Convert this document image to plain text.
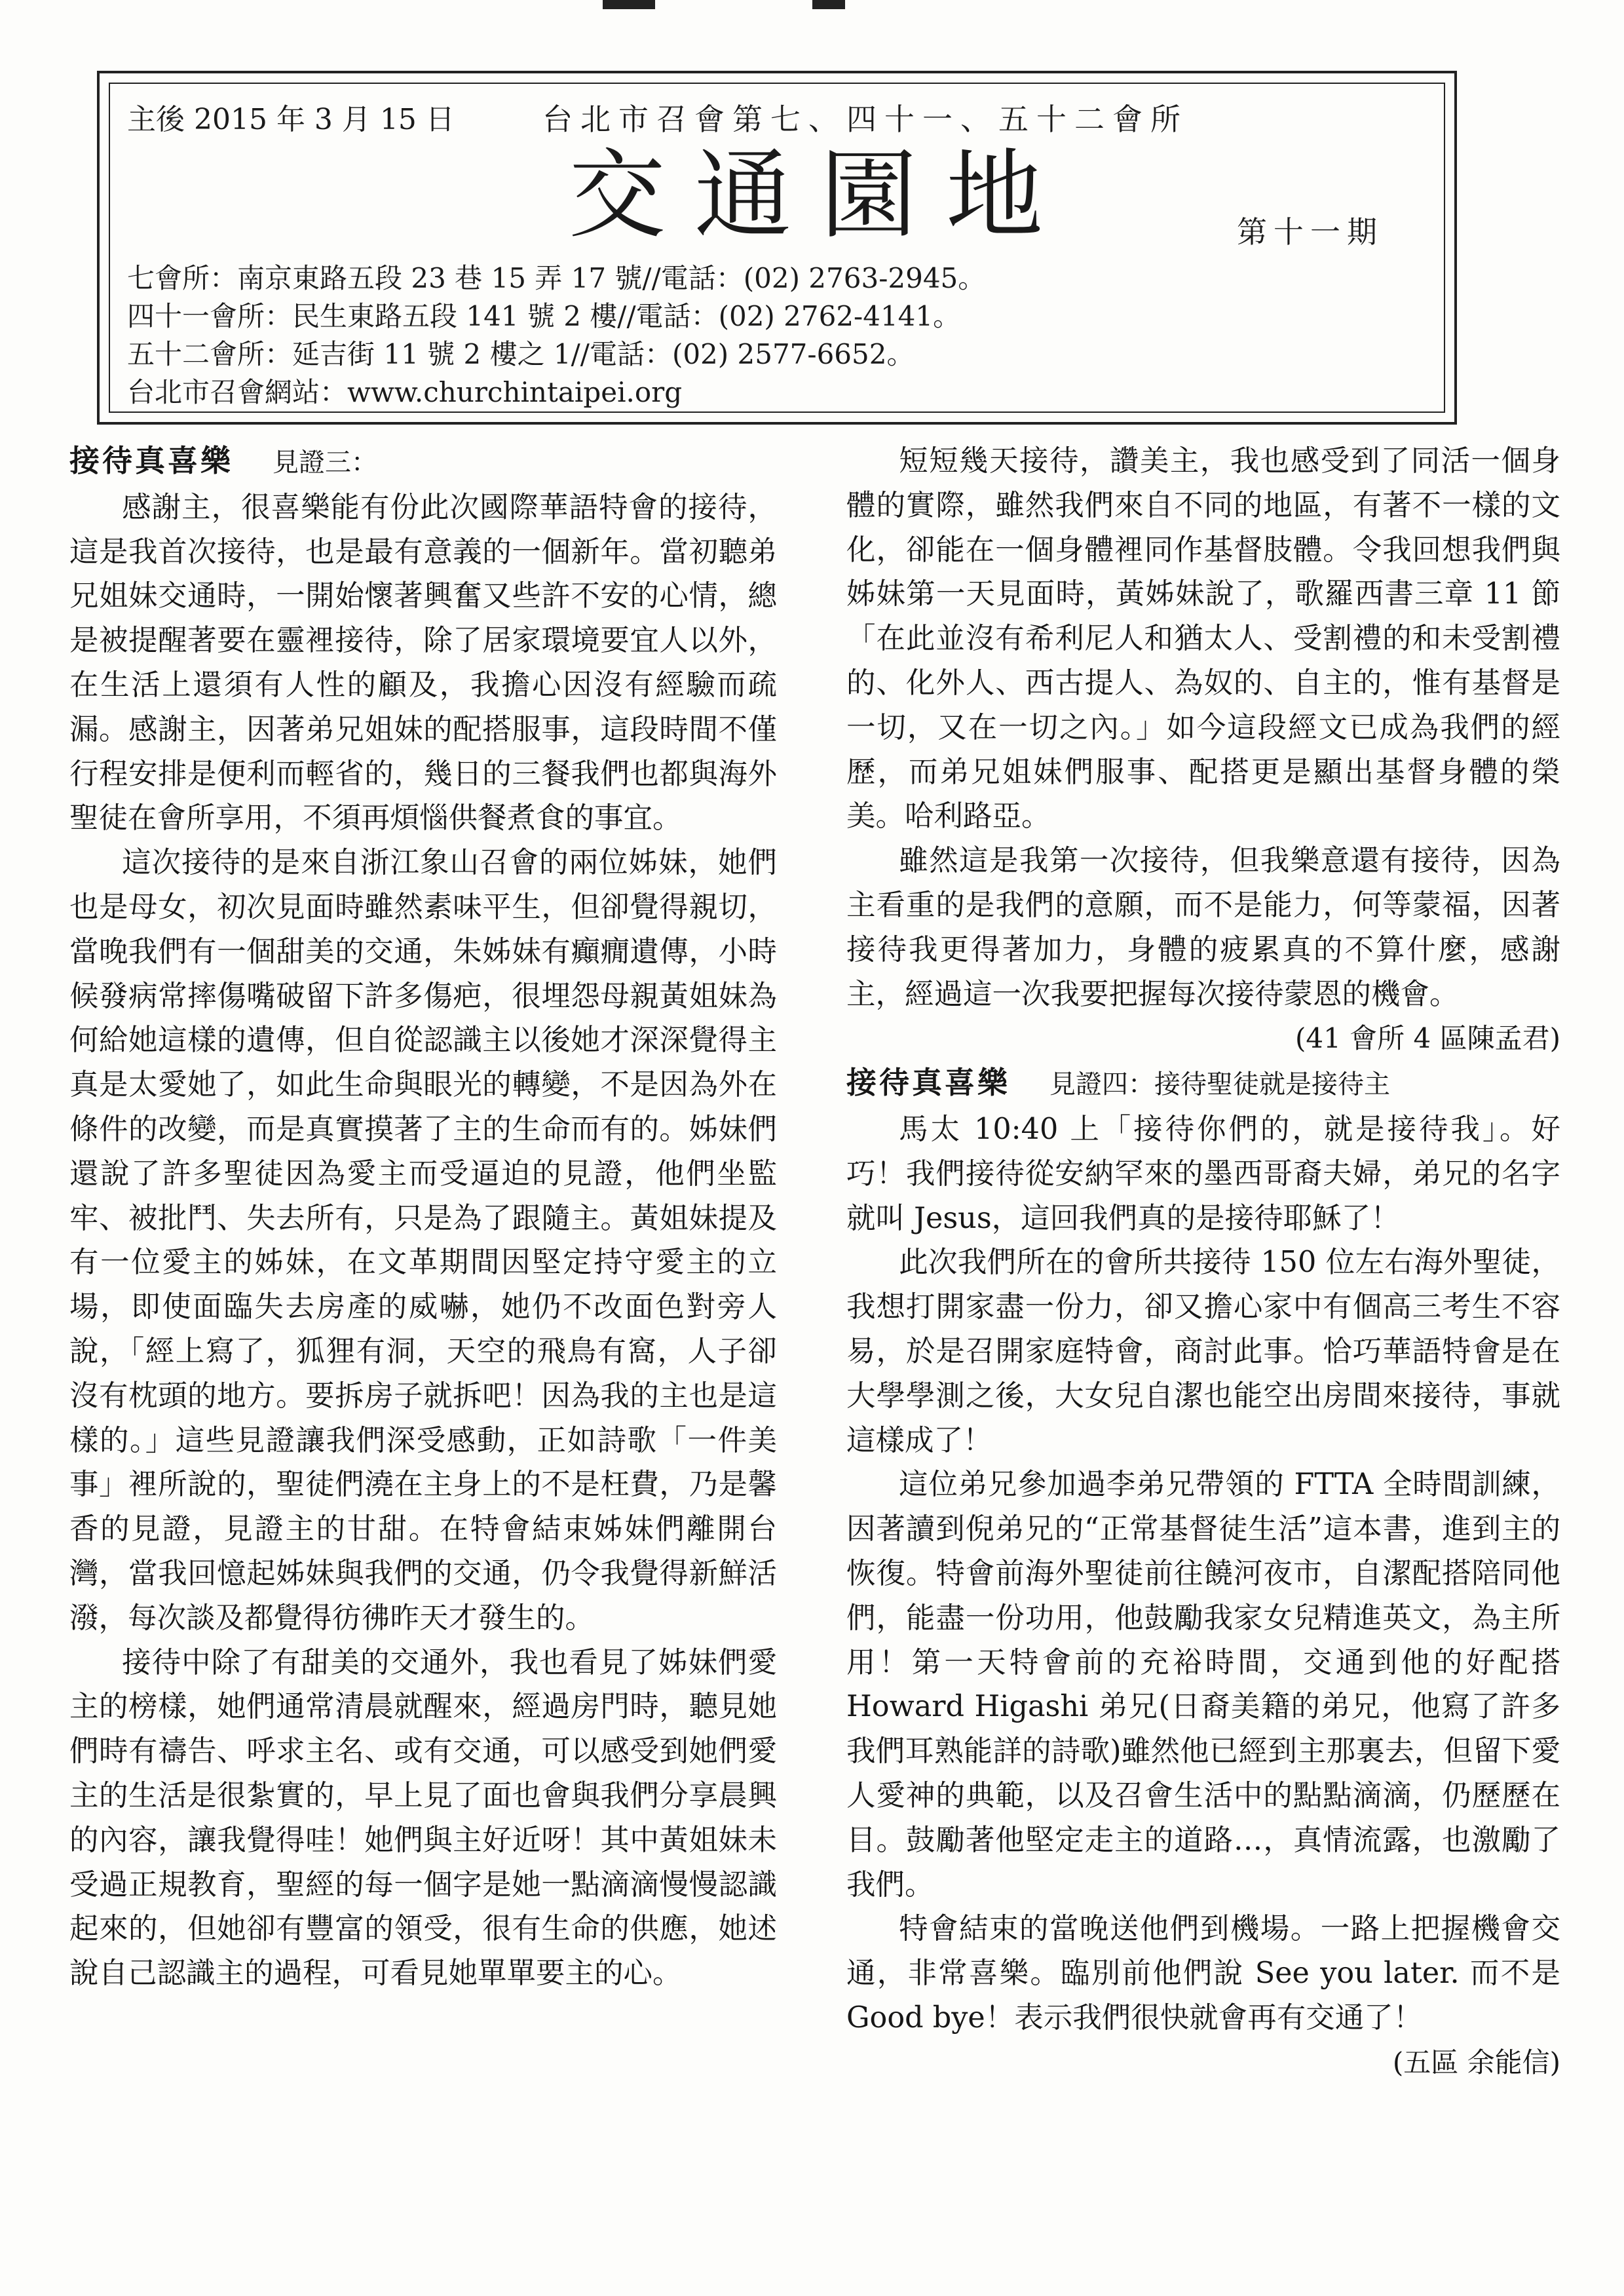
主後 2015 年 3 月 15 日	台北市召會第七、四十一、五十二會所
交通園地	第十一期
七會所：南京東路五段 23 巷 15 弄 17 號//電話：(02) 2763-2945。
四十一會所：民生東路五段 141 號 2 樓//電話：(02) 2762-4141。
五十二會所：延吉街 11 號 2 樓之 1//電話：(02) 2577-6652。
台北市召會網站：www.churchintaipei.org
接待真喜樂 見證三：

感謝主，很喜樂能有份此次國際華語特會的接待，這是我首次接待，也是最有意義的一個新年。當初聽弟兄姐妹交通時，一開始懷著興奮又些許不安的心情，總是被提醒著要在靈裡接待，除了居家環境要宜人以外，在生活上還須有人性的顧及，我擔心因沒有經驗而疏漏。感謝主，因著弟兄姐妹的配搭服事，這段時間不僅行程安排是便利而輕省的，幾日的三餐我們也都與海外聖徒在會所享用，不須再煩惱供餐煮食的事宜。

這次接待的是來自浙江象山召會的兩位姊妹，她們也是母女，初次見面時雖然素味平生，但卻覺得親切，當晚我們有一個甜美的交通，朱姊妹有癲癇遺傳，小時候發病常摔傷嘴破留下許多傷疤，很埋怨母親黃姐妹為何給她這樣的遺傳，但自從認識主以後她才深深覺得主真是太愛她了，如此生命與眼光的轉變，不是因為外在條件的改變，而是真實摸著了主的生命而有的。姊妹們還說了許多聖徒因為愛主而受逼迫的見證，他們坐監牢、被批鬥、失去所有，只是為了跟隨主。黃姐妹提及有一位愛主的姊妹，在文革期間因堅定持守愛主的立場，即使面臨失去房產的威嚇，她仍不改面色對旁人說，「經上寫了，狐狸有洞，天空的飛鳥有窩，人子卻沒有枕頭的地方。要拆房子就拆吧！因為我的主也是這樣的。」這些見證讓我們深受感動，正如詩歌「一件美事」裡所說的，聖徒們澆在主身上的不是枉費，乃是馨香的見證，見證主的甘甜。在特會結束姊妹們離開台灣，當我回憶起姊妹與我們的交通，仍令我覺得新鮮活潑，每次談及都覺得彷彿昨天才發生的。

接待中除了有甜美的交通外，我也看見了姊妹們愛主的榜樣，她們通常清晨就醒來，經過房門時，聽見她們時有禱告、呼求主名、或有交通，可以感受到她們愛主的生活是很紮實的，早上見了面也會與我們分享晨興的內容，讓我覺得哇！她們與主好近呀！其中黃姐妹未受過正規教育，聖經的每一個字是她一點滴滴慢慢認識起來的，但她卻有豐富的領受，很有生命的供應，她述說自己認識主的過程，可看見她單單要主的心。

短短幾天接待，讚美主，我也感受到了同活一個身體的實際，雖然我們來自不同的地區，有著不一樣的文化，卻能在一個身體裡同作基督肢體。令我回想我們與姊妹第一天見面時，黃姊妹說了，歌羅西書三章 11 節「在此並沒有希利尼人和猶太人、受割禮的和未受割禮的、化外人、西古提人、為奴的、自主的，惟有基督是一切，又在一切之內。」如今這段經文已成為我們的經歷，而弟兄姐妹們服事、配搭更是顯出基督身體的榮美。哈利路亞。

雖然這是我第一次接待，但我樂意還有接待，因為主看重的是我們的意願，而不是能力，何等蒙福，因著接待我更得著加力，身體的疲累真的不算什麼，感謝主，經過這一次我要把握每次接待蒙恩的機會。

(41 會所 4 區陳孟君)
接待真喜樂 見證四：接待聖徒就是接待主

馬太 10:40 上「接待你們的，就是接待我」。好巧！我們接待從安納罕來的墨西哥裔夫婦，弟兄的名字就叫 Jesus，這回我們真的是接待耶穌了！

此次我們所在的會所共接待 150 位左右海外聖徒，我想打開家盡一份力，卻又擔心家中有個高三考生不容易，於是召開家庭特會，商討此事。恰巧華語特會是在大學學測之後，大女兒自潔也能空出房間來接待，事就這樣成了！

這位弟兄參加過李弟兄帶領的 FTTA 全時間訓練，因著讀到倪弟兄的“正常基督徒生活”這本書，進到主的恢復。特會前海外聖徒前往饒河夜市，自潔配搭陪同他們，能盡一份功用，他鼓勵我家女兒精進英文，為主所用！第一天特會前的充裕時間，交通到他的好配搭 Howard Higashi 弟兄(日裔美籍的弟兄，他寫了許多我們耳熟能詳的詩歌)雖然他已經到主那裏去，但留下愛人愛神的典範，以及召會生活中的點點滴滴，仍歷歷在目。鼓勵著他堅定走主的道路…，真情流露，也激勵了我們。

特會結束的當晚送他們到機場。一路上把握機會交通，非常喜樂。臨別前他們說 See you later. 而不是 Good bye！表示我們很快就會再有交通了！

(五區 余能信)
